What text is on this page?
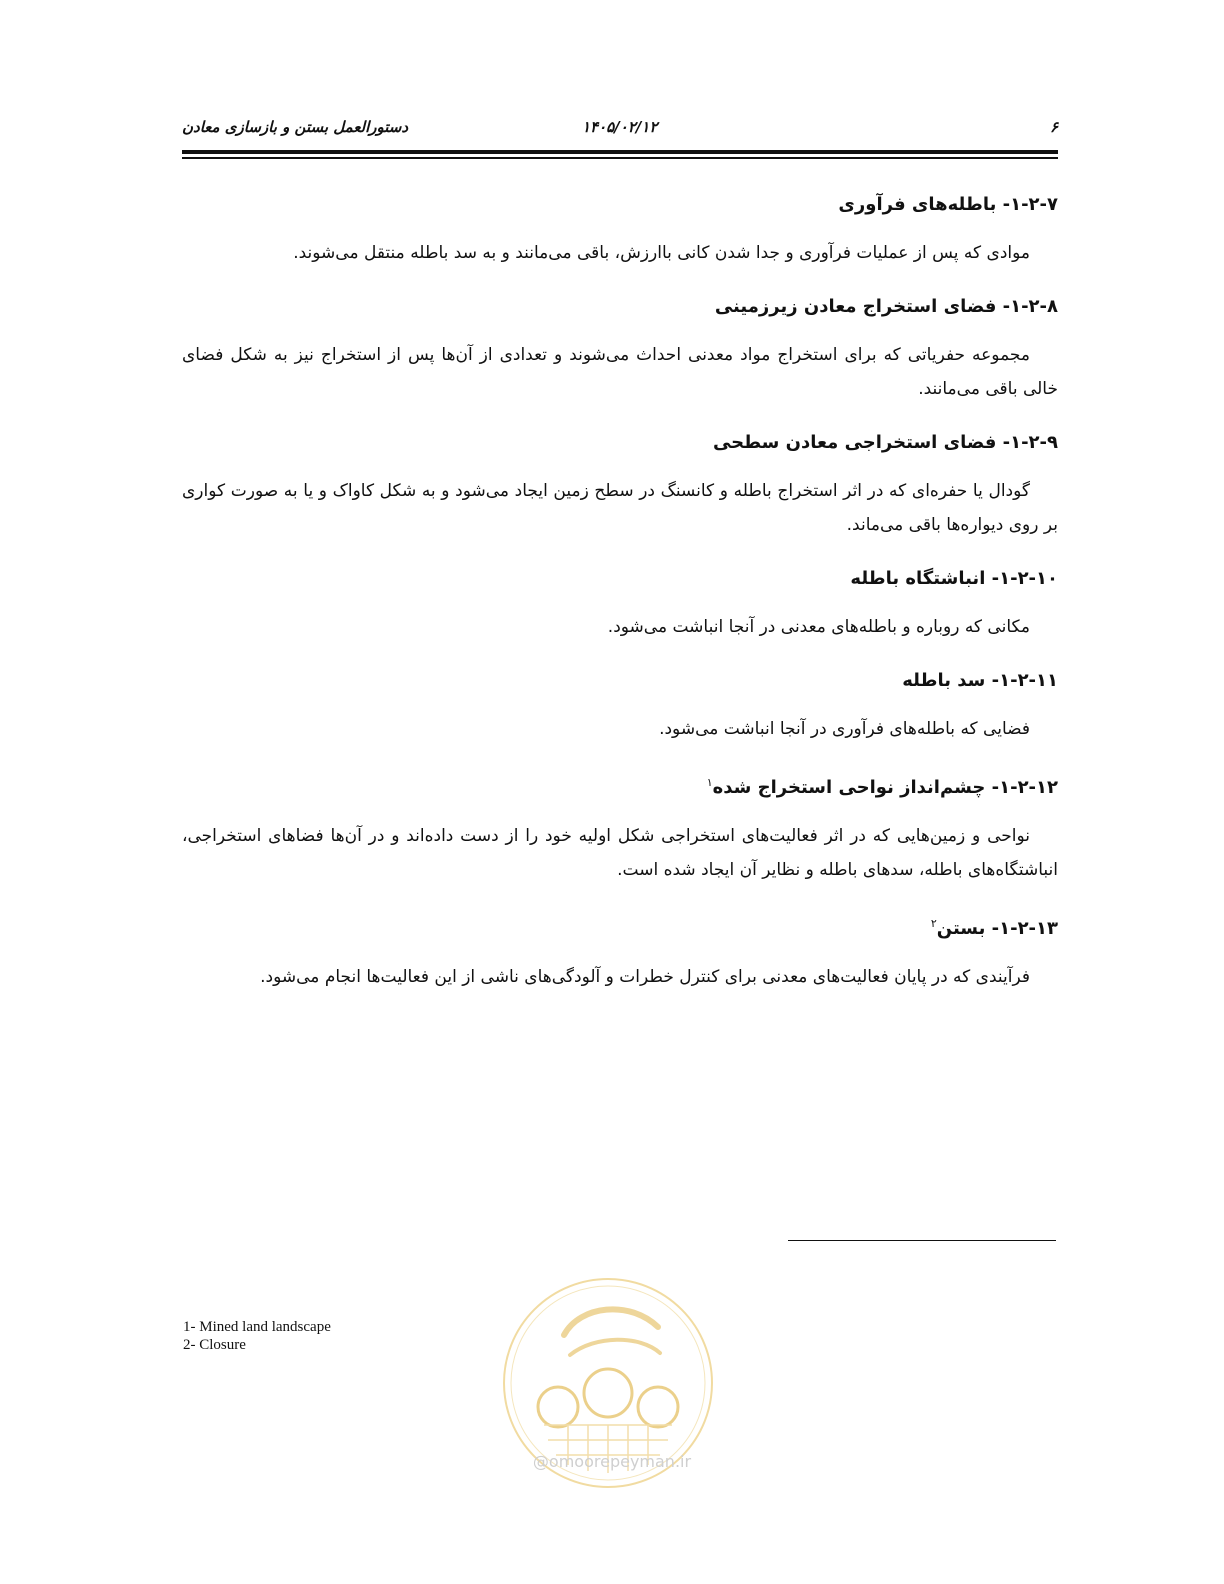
۶
۱۴۰۵/۰۲/۱۲
دستورالعمل بستن و بازسازی معادن
۱-۲-۷- باطله‌های فرآوری

موادی که پس از عملیات فرآوری و جدا شدن کانی باارزش، باقی می‌مانند و به سد باطله منتقل می‌شوند.

۱-۲-۸- فضای استخراج معادن زیرزمینی

مجموعه حفریاتی که برای استخراج مواد معدنی احداث می‌شوند و تعدادی از آن‌ها پس از استخراج نیز به شکل فضای خالی باقی می‌مانند.

۱-۲-۹- فضای استخراجی معادن سطحی

گودال یا حفره‌ای که در اثر استخراج باطله و کانسنگ در سطح زمین ایجاد می‌شود و به شکل کاواک و یا به صورت کواری بر روی دیواره‌ها باقی می‌ماند.

۱-۲-۱۰- انباشتگاه باطله

مکانی که روباره و باطله‌های معدنی در آنجا انباشت می‌شود.

۱-۲-۱۱- سد باطله

فضایی که باطله‌های فرآوری در آنجا انباشت می‌شود.

۱-۲-۱۲- چشم‌انداز نواحی استخراج شده$^۱$

نواحی و زمین‌هایی که در اثر فعالیت‌های استخراجی شکل اولیه خود را از دست داده‌اند و در آن‌ها فضاهای استخراجی، انباشتگاه‌های باطله، سدهای باطله و نظایر آن ایجاد شده است.

۱-۲-۱۳- بستن$^۲$

فرآیندی که در پایان فعالیت‌های معدنی برای کنترل خطرات و آلودگی‌های ناشی از این فعالیت‌ها انجام می‌شود.

1- Mined land landscape
2- Closure
@omoorepeyman.ir
